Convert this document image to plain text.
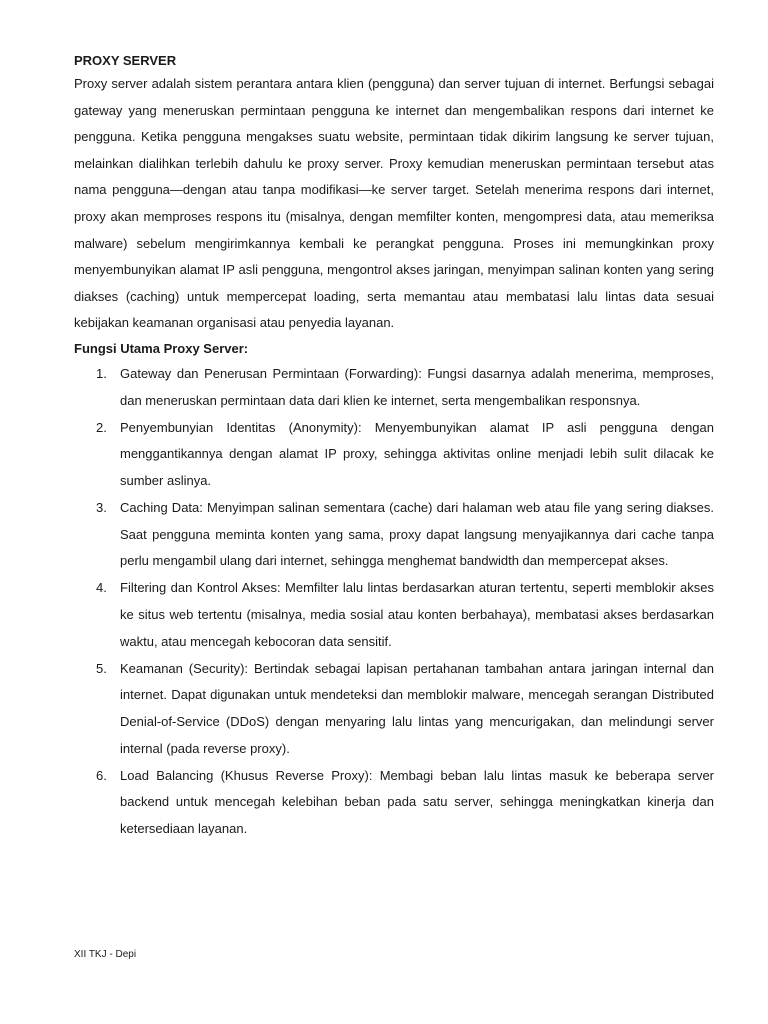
PROXY SERVER

Proxy server adalah sistem perantara antara klien (pengguna) dan server tujuan di internet. Berfungsi sebagai gateway yang meneruskan permintaan pengguna ke internet dan mengembalikan respons dari internet ke pengguna. Ketika pengguna mengakses suatu website, permintaan tidak dikirim langsung ke server tujuan, melainkan dialihkan terlebih dahulu ke proxy server. Proxy kemudian meneruskan permintaan tersebut atas nama pengguna—dengan atau tanpa modifikasi—ke server target. Setelah menerima respons dari internet, proxy akan memproses respons itu (misalnya, dengan memfilter konten, mengompresi data, atau memeriksa malware) sebelum mengirimkannya kembali ke perangkat pengguna. Proses ini memungkinkan proxy menyembunyikan alamat IP asli pengguna, mengontrol akses jaringan, menyimpan salinan konten yang sering diakses (caching) untuk mempercepat loading, serta memantau atau membatasi lalu lintas data sesuai kebijakan keamanan organisasi atau penyedia layanan.

Fungsi Utama Proxy Server:

1. Gateway dan Penerusan Permintaan (Forwarding): Fungsi dasarnya adalah menerima, memproses, dan meneruskan permintaan data dari klien ke internet, serta mengembalikan responsnya.
2. Penyembunyian Identitas (Anonymity): Menyembunyikan alamat IP asli pengguna dengan menggantikannya dengan alamat IP proxy, sehingga aktivitas online menjadi lebih sulit dilacak ke sumber aslinya.
3. Caching Data: Menyimpan salinan sementara (cache) dari halaman web atau file yang sering diakses. Saat pengguna meminta konten yang sama, proxy dapat langsung menyajikannya dari cache tanpa perlu mengambil ulang dari internet, sehingga menghemat bandwidth dan mempercepat akses.
4. Filtering dan Kontrol Akses: Memfilter lalu lintas berdasarkan aturan tertentu, seperti memblokir akses ke situs web tertentu (misalnya, media sosial atau konten berbahaya), membatasi akses berdasarkan waktu, atau mencegah kebocoran data sensitif.
5. Keamanan (Security): Bertindak sebagai lapisan pertahanan tambahan antara jaringan internal dan internet. Dapat digunakan untuk mendeteksi dan memblokir malware, mencegah serangan Distributed Denial-of-Service (DDoS) dengan menyaring lalu lintas yang mencurigakan, dan melindungi server internal (pada reverse proxy).
6. Load Balancing (Khusus Reverse Proxy): Membagi beban lalu lintas masuk ke beberapa server backend untuk mencegah kelebihan beban pada satu server, sehingga meningkatkan kinerja dan ketersediaan layanan.
XII TKJ - Depi
